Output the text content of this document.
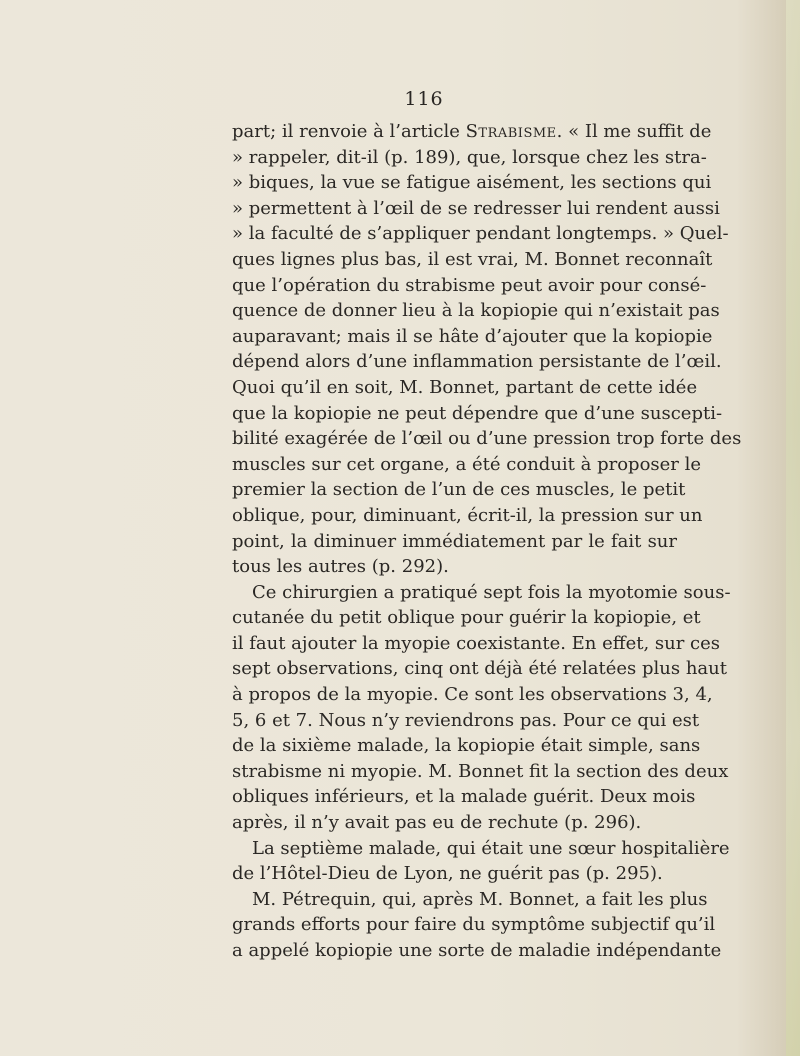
116
part; il renvoie à l’article Strabisme. « Il me suffit de
» rappeler, dit-il (p. 189), que, lorsque chez les stra-
» biques, la vue se fatigue aisément, les sections qui
» permettent à l’œil de se redresser lui rendent aussi
» la faculté de s’appliquer pendant longtemps. » Quel-
ques lignes plus bas, il est vrai, M. Bonnet reconnaît
que l’opération du strabisme peut avoir pour consé-
quence de donner lieu à la kopiopie qui n’existait pas
auparavant; mais il se hâte d’ajouter que la kopiopie
dépend alors d’une inflammation persistante de l’œil.
Quoi qu’il en soit, M. Bonnet, partant de cette idée
que la kopiopie ne peut dépendre que d’une suscepti-
bilité exagérée de l’œil ou d’une pression trop forte des
muscles sur cet organe, a été conduit à proposer le
premier la section de l’un de ces muscles, le petit
oblique, pour, diminuant, écrit-il, la pression sur un
point, la diminuer immédiatement par le fait sur
tous les autres (p. 292).
Ce chirurgien a pratiqué sept fois la myotomie sous-
cutanée du petit oblique pour guérir la kopiopie, et
il faut ajouter la myopie coexistante. En effet, sur ces
sept observations, cinq ont déjà été relatées plus haut
à propos de la myopie. Ce sont les observations 3, 4,
5, 6 et 7. Nous n’y reviendrons pas. Pour ce qui est
de la sixième malade, la kopiopie était simple, sans
strabisme ni myopie. M. Bonnet fit la section des deux
obliques inférieurs, et la malade guérit. Deux mois
après, il n’y avait pas eu de rechute (p. 296).
La septième malade, qui était une sœur hospitalière
de l’Hôtel-Dieu de Lyon, ne guérit pas (p. 295).
M. Pétrequin, qui, après M. Bonnet, a fait les plus
grands efforts pour faire du symptôme subjectif qu’il
a appelé kopiopie une sorte de maladie indépendante
